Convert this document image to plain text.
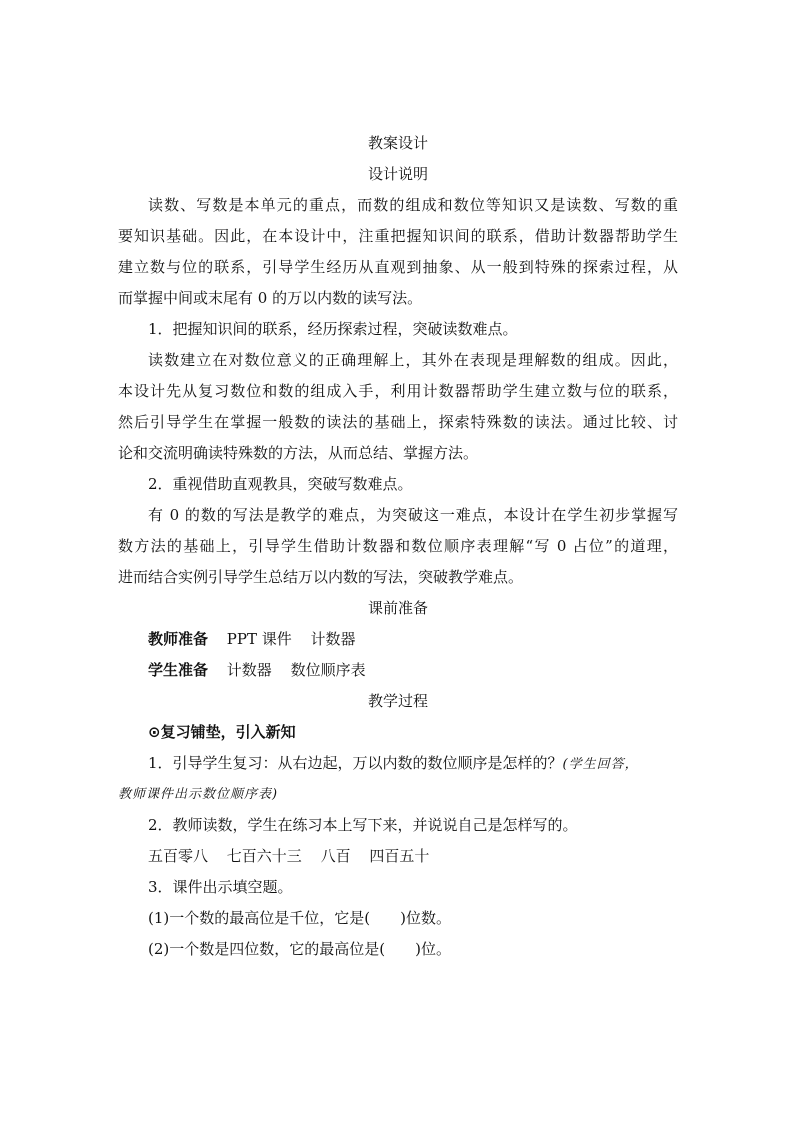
教案设计
设计说明
读数、写数是本单元的重点，而数的组成和数位等知识又是读数、写数的重
要知识基础。因此，在本设计中，注重把握知识间的联系，借助计数器帮助学生
建立数与位的联系，引导学生经历从直观到抽象、从一般到特殊的探索过程，从
而掌握中间或末尾有 0 的万以内数的读写法。
1．把握知识间的联系，经历探索过程，突破读数难点。
读数建立在对数位意义的正确理解上，其外在表现是理解数的组成。因此，
本设计先从复习数位和数的组成入手，利用计数器帮助学生建立数与位的联系，
然后引导学生在掌握一般数的读法的基础上，探索特殊数的读法。通过比较、讨
论和交流明确读特殊数的方法，从而总结、掌握方法。
2．重视借助直观教具，突破写数难点。
有 0 的数的写法是教学的难点，为突破这一难点，本设计在学生初步掌握写
数方法的基础上，引导学生借助计数器和数位顺序表理解“写 0 占位”的道理，
进而结合实例引导学生总结万以内数的写法，突破教学难点。
课前准备
教师准备 PPT 课件 计数器
学生准备 计数器 数位顺序表
教学过程
⊙复习铺垫，引入新知
1．引导学生复习：从右边起，万以内数的数位顺序是怎样的？(学生回答，
教师课件出示数位顺序表)
2．教师读数，学生在练习本上写下来，并说说自己是怎样写的。
五百零八 七百六十三 八百 四百五十
3．课件出示填空题。
(1)一个数的最高位是千位，它是(　　)位数。
(2)一个数是四位数，它的最高位是(　　)位。
